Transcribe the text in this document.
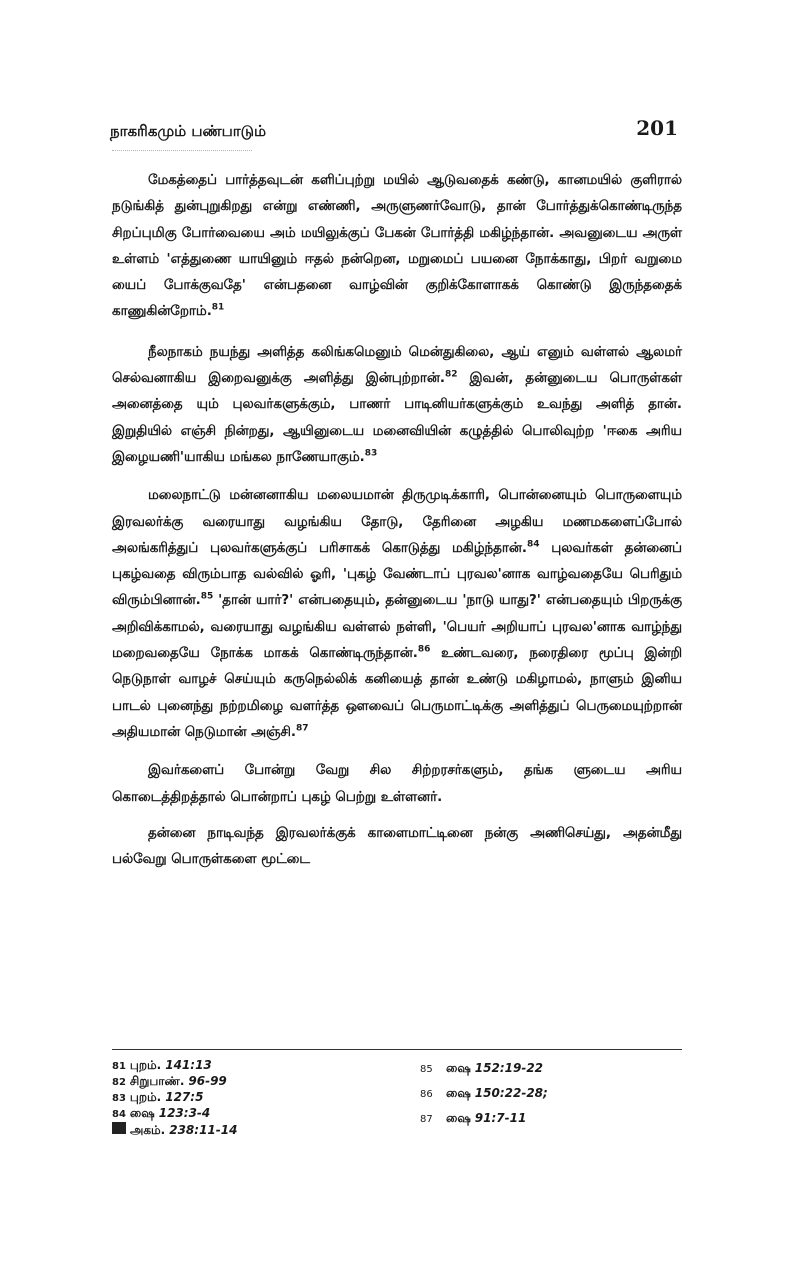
நாகரிகமும் பண்பாடும்	201

மேகத்தைப் பார்த்தவுடன் களிப்புற்று மயில் ஆடுவதைக் கண்டு, கானமயில் குளிரால் நடுங்கித் துன்புறுகிறது என்று எண்ணி, அருளுணர்வோடு, தான் போர்த்துக்கொண்டிருந்த சிறப்புமிகு போர்வையை அம் மயிலுக்குப் பேகன் போர்த்தி மகிழ்ந்தான். அவனுடைய அருள் உள்ளம் 'எத்துணை யாயினும் ஈதல் நன்றென, மறுமைப் பயனை நோக்காது, பிறர் வறுமை யைப் போக்குவதே' என்பதனை வாழ்வின் குறிக்கோளாகக் கொண்டு இருந்ததைக் காணுகின்றோம்.$^{81}$

நீலநாகம் நயந்து அளித்த கலிங்கமெனும் மென்துகிலை, ஆய் எனும் வள்ளல் ஆலமர் செல்வனாகிய இறைவனுக்கு அளித்து இன்புற்றான்.$^{82}$ இவன், தன்னுடைய பொருள்கள் அனைத்தை யும் புலவர்களுக்கும், பாணர் பாடினியர்களுக்கும் உவந்து அளித் தான். இறுதியில் எஞ்சி நின்றது, ஆயினுடைய மனைவியின் கழுத்தில் பொலிவுற்ற 'ஈகை அரிய இழையணி'யாகிய மங்கல நாணேயாகும்.$^{83}$

மலைநாட்டு மன்னனாகிய மலையமான் திருமுடிக்காரி, பொன்னையும் பொருளையும் இரவலர்க்கு வரையாது வழங்கிய தோடு, தேரினை அழகிய மணமகளைப்போல் அலங்கரித்துப் புலவர்களுக்குப் பரிசாகக் கொடுத்து மகிழ்ந்தான்.$^{84}$ புலவர்கள் தன்னைப் புகழ்வதை விரும்பாத வல்வில் ஓரி, 'புகழ் வேண்டாப் புரவல'னாக வாழ்வதையே பெரிதும் விரும்பினான்.$^{85}$ 'தான் யார்?' என்பதையும், தன்னுடைய 'நாடு யாது?' என்பதையும் பிறருக்கு அறிவிக்காமல், வரையாது வழங்கிய வள்ளல் நள்ளி, 'பெயர் அறியாப் புரவல'னாக வாழ்ந்து மறைவதையே நோக்க மாகக் கொண்டிருந்தான்.$^{86}$ உண்டவரை, நரைதிரை மூப்பு இன்றி நெடுநாள் வாழச் செய்யும் கருநெல்லிக் கனியைத் தான் உண்டு மகிழாமல், நாளும் இனிய பாடல் புனைந்து நற்றமிழை வளர்த்த ஔவைப் பெருமாட்டிக்கு அளித்துப் பெருமையுற்றான் அதியமான் நெடுமான் அஞ்சி.$^{87}$

இவர்களைப் போன்று வேறு சில சிற்றரசர்களும், தங்க ளுடைய அரிய கொடைத்திறத்தால் பொன்றாப் புகழ் பெற்று உள்ளனர்.

தன்னை நாடிவந்த இரவலர்க்குக் காளைமாட்டினை நன்கு அணிசெய்து, அதன்மீது பல்வேறு பொருள்களை மூட்டை

81 புறம். 141:13
82 சிறுபாண். 96-99
83 புறம். 127:5
84 ஷை 123:3-4
அகம். 238:11-14
85	ஷை 152:19-22
86	ஷை 150:22-28;
87	ஷை 91:7-11
